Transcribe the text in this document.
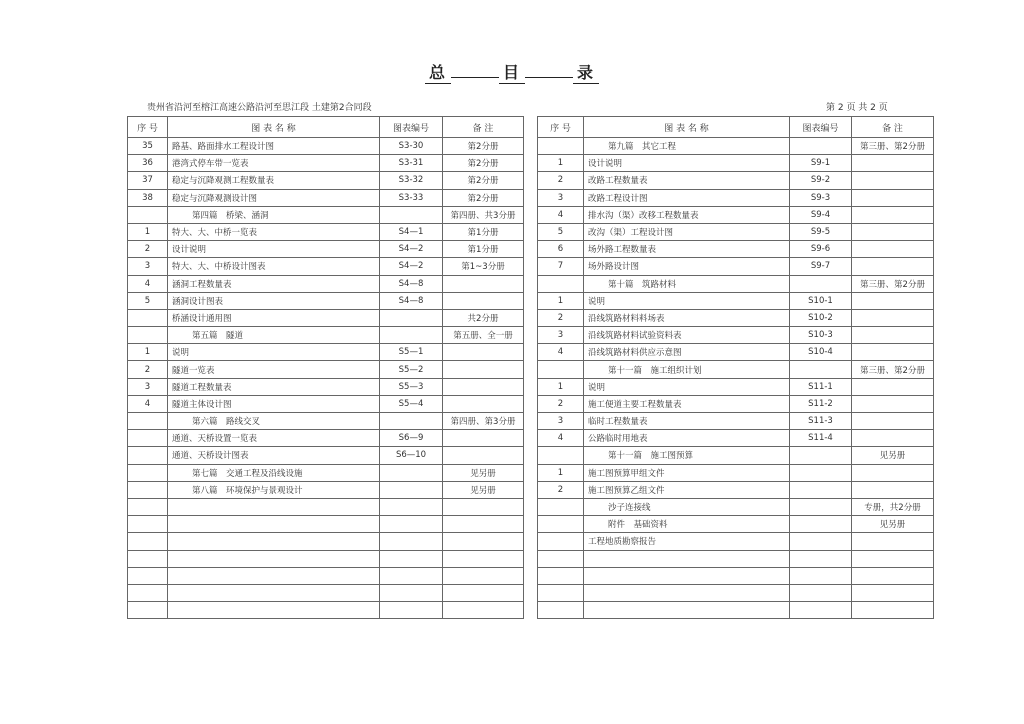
总	目	录
贵州省沿河至榕江高速公路沿河至思江段 土建第2合同段	第 2 页 共 2 页
序 号	图 表 名 称	图表编号	备 注
35	路基、路面排水工程设计图	S3-30	第2分册
36	港湾式停车带一览表	S3-31	第2分册
37	稳定与沉降观测工程数量表	S3-32	第2分册
38	稳定与沉降观测设计图	S3-33	第2分册
	第四篇　桥梁、涵洞		第四册、共3分册
1	特大、大、中桥一览表	S4—1	第1分册
2	设计说明	S4—2	第1分册
3	特大、大、中桥设计图表	S4—2	第1~3分册
4	涵洞工程数量表	S4—8	
5	涵洞设计图表	S4—8	
	桥涵设计通用图		共2分册
	第五篇　隧道		第五册、全一册
1	说明	S5—1	
2	隧道一览表	S5—2	
3	隧道工程数量表	S5—3	
4	隧道主体设计图	S5—4	
	第六篇　路线交叉		第四册、第3分册
	通道、天桥设置一览表	S6—9	
	通道、天桥设计图表	S6—10	
	第七篇　交通工程及沿线设施		见另册
	第八篇　环境保护与景观设计		见另册

序 号	图 表 名 称	图表编号	备 注
	第九篇　其它工程		第三册、第2分册
1	设计说明	S9-1	
2	改路工程数量表	S9-2	
3	改路工程设计图	S9-3	
4	排水沟（渠）改移工程数量表	S9-4	
5	改沟（渠）工程设计图	S9-5	
6	场外路工程数量表	S9-6	
7	场外路设计图	S9-7	
	第十篇　筑路材料		第三册、第2分册
1	说明	S10-1	
2	沿线筑路材料料场表	S10-2	
3	沿线筑路材料试验资料表	S10-3	
4	沿线筑路材料供应示意图	S10-4	
	第十一篇　施工组织计划		第三册、第2分册
1	说明	S11-1	
2	施工便道主要工程数量表	S11-2	
3	临时工程数量表	S11-3	
4	公路临时用地表	S11-4	
	第十一篇　施工图预算		见另册
1	施工图预算甲组文件		
2	施工图预算乙组文件		
	沙子连接线		专册，共2分册
	附件　基础资料		见另册
	工程地质勘察报告		
